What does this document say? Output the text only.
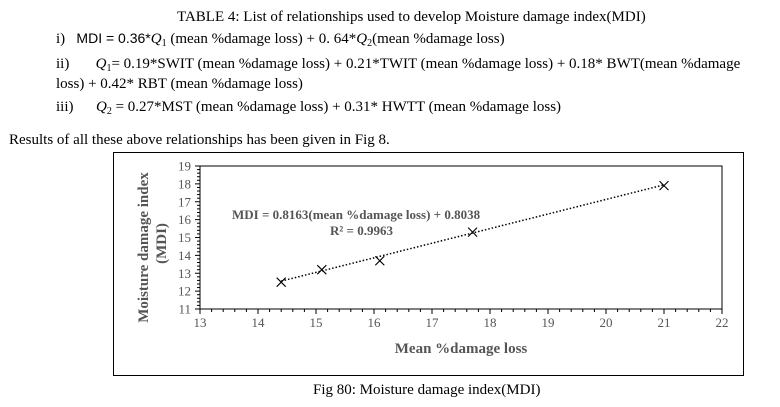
TABLE 4: List of relationships used to develop Moisture damage index(MDI)
i) MDI = $0.36*Q_1$ (mean %damage loss) + 0. $64*Q_2(mean$ %damage loss)
ii) $Q_1=$ 0.19*SWIT (mean %damage loss) + 0.21*TWIT (mean %damage loss) + 0.18* BWT(mean %damage
loss) + 0.42* RBT (mean %damage loss)
iii) $Q_2 = 0.27*MST$ (mean %damage loss) + 0.31* HWTT (mean %damage loss)
Results of all these above relationships has been given in Fig 8.
13	14	15	16	17	18	19	20	21	22
11
12
13
14
15
16
17
18
19
MDI = 0.8163(mean %damage loss) + 0.8038
R² = 0.9963
Mean %damage loss
Moisture damage index (MDI)
Fig 80: Moisture damage index(MDI)
